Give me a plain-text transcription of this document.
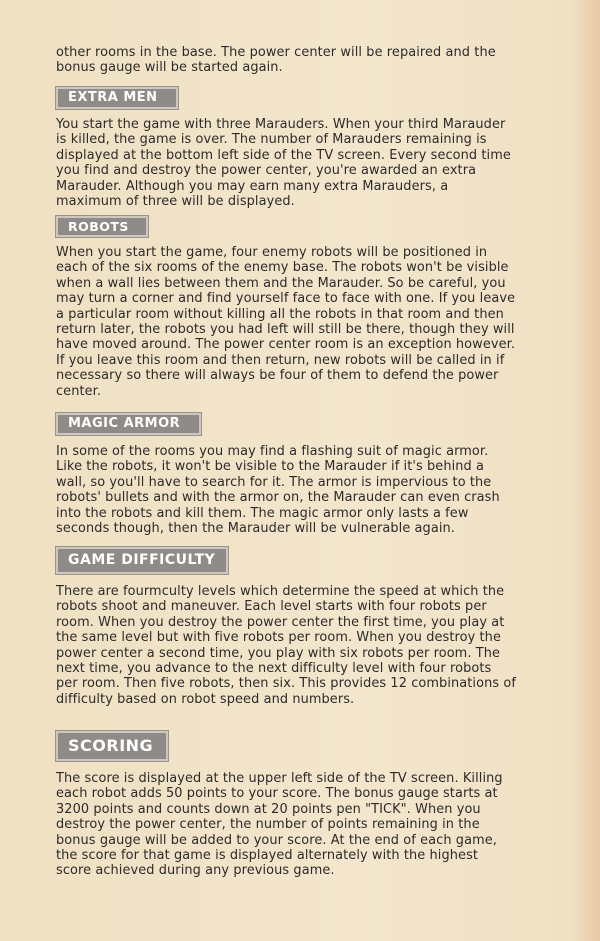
other rooms in the base. The power center will be repaired and the bonus gauge will be started again.

EXTRA MEN

You start the game with three Marauders. When your third Marauder is killed, the game is over. The number of Marauders remaining is displayed at the bottom left side of the TV screen. Every second time you find and destroy the power center, you're awarded an extra Marauder. Although you may earn many extra Marauders, a maximum of three will be displayed.

ROBOTS

When you start the game, four enemy robots will be positioned in each of the six rooms of the enemy base. The robots won't be visible when a wall lies between them and the Marauder. So be careful, you may turn a corner and find yourself face to face with one. If you leave a particular room without killing all the robots in that room and then return later, the robots you had left will still be there, though they will have moved around. The power center room is an exception however. If you leave this room and then return, new robots will be called in if necessary so there will always be four of them to defend the power center.

MAGIC ARMOR

In some of the rooms you may find a flashing suit of magic armor. Like the robots, it won't be visible to the Marauder if it's behind a wall, so you'll have to search for it. The armor is impervious to the robots' bullets and with the armor on, the Marauder can even crash into the robots and kill them. The magic armor only lasts a few seconds though, then the Marauder will be vulnerable again.

GAME DIFFICULTY

There are fourmculty levels which determine the speed at which the robots shoot and maneuver. Each level starts with four robots per room. When you destroy the power center the first time, you play at the same level but with five robots per room. When you destroy the power center a second time, you play with six robots per room. The next time, you advance to the next difficulty level with four robots per room. Then five robots, then six. This provides 12 combinations of difficulty based on robot speed and numbers.

SCORING

The score is displayed at the upper left side of the TV screen. Killing each robot adds 50 points to your score. The bonus gauge starts at 3200 points and counts down at 20 points pen "TICK". When you destroy the power center, the number of points remaining in the bonus gauge will be added to your score. At the end of each game, the score for that game is displayed alternately with the highest score achieved during any previous game.
